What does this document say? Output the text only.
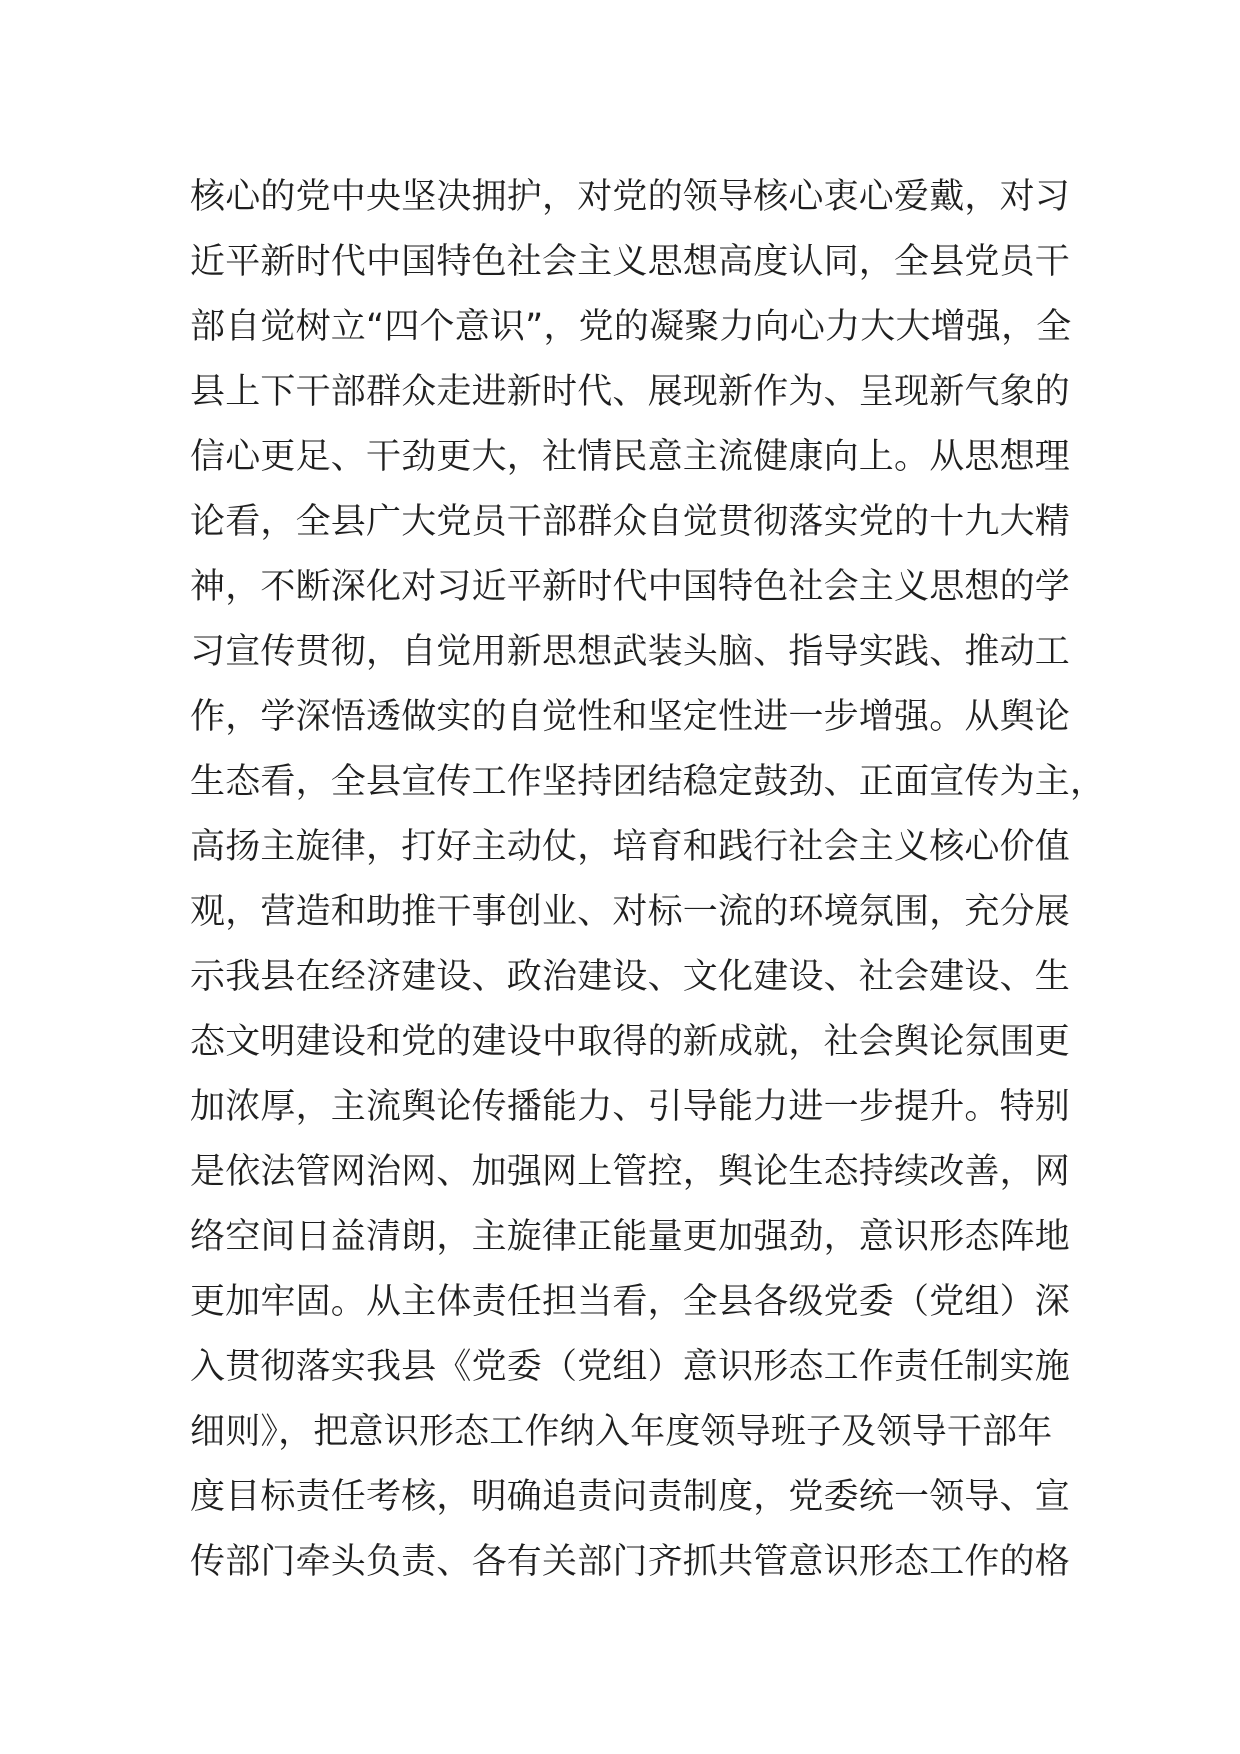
核心的党中央坚决拥护，对党的领导核心衷心爱戴，对习
近平新时代中国特色社会主义思想高度认同，全县党员干
部自觉树立“四个意识”，党的凝聚力向心力大大增强，全
县上下干部群众走进新时代、展现新作为、呈现新气象的
信心更足、干劲更大，社情民意主流健康向上。从思想理
论看，全县广大党员干部群众自觉贯彻落实党的十九大精
神，不断深化对习近平新时代中国特色社会主义思想的学
习宣传贯彻，自觉用新思想武装头脑、指导实践、推动工
作，学深悟透做实的自觉性和坚定性进一步增强。从舆论
生态看，全县宣传工作坚持团结稳定鼓劲、正面宣传为主，
高扬主旋律，打好主动仗，培育和践行社会主义核心价值
观，营造和助推干事创业、对标一流的环境氛围，充分展
示我县在经济建设、政治建设、文化建设、社会建设、生
态文明建设和党的建设中取得的新成就，社会舆论氛围更
加浓厚，主流舆论传播能力、引导能力进一步提升。特别
是依法管网治网、加强网上管控，舆论生态持续改善，网
络空间日益清朗，主旋律正能量更加强劲，意识形态阵地
更加牢固。从主体责任担当看，全县各级党委（党组）深
入贯彻落实我县《党委（党组）意识形态工作责任制实施
细则》，把意识形态工作纳入年度领导班子及领导干部年
度目标责任考核，明确追责问责制度，党委统一领导、宣
传部门牵头负责、各有关部门齐抓共管意识形态工作的格
